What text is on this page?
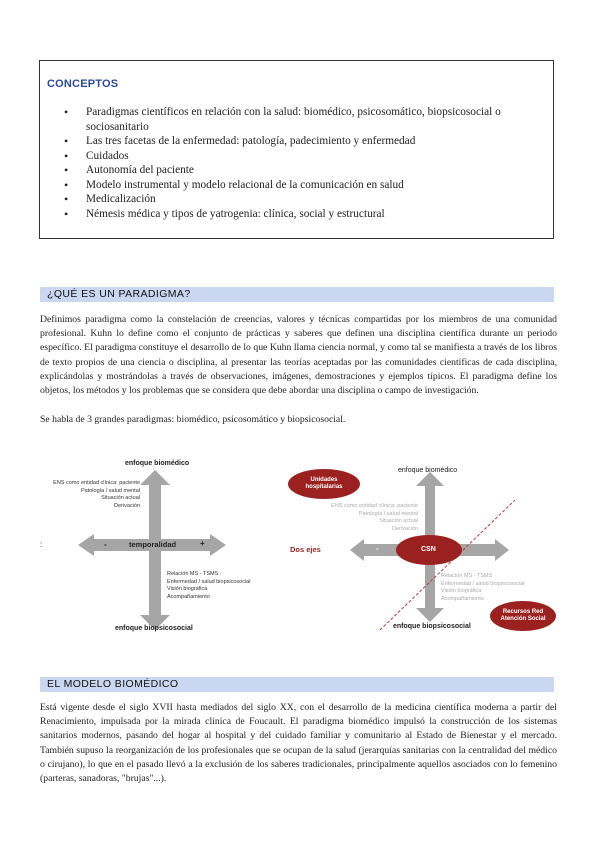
CONCEPTOS
• Paradigmas científicos en relación con la salud: biomédico, psicosomático, biopsicosocial o sociosanitario
• Las tres facetas de la enfermedad: patología, padecimiento y enfermedad
• Cuidados
• Autonomía del paciente
• Modelo instrumental y modelo relacional de la comunicación en salud
• Medicalización
• Némesis médica y tipos de yatrogenia: clínica, social y estructural
¿QUÉ ES UN PARADIGMA?

Definimos paradigma como la constelación de creencias, valores y técnicas compartidas por los miembros de una comunidad profesional. Kuhn lo define como el conjunto de prácticas y saberes que definen una disciplina científica durante un periodo específico. El paradigma constituye el desarrollo de lo que Kuhn llama ciencia normal, y como tal se manifiesta a través de los libros de texto propios de una ciencia o disciplina, al presentar las teorías aceptadas por las comunidades científicas de cada disciplina, explicándolas y mostrándolas a través de observaciones, imágenes, demostraciones y ejemplos típicos. El paradigma define los objetos, los métodos y los problemas que se considera que debe abordar una disciplina o campo de investigación.

Se habla de 3 grandes paradigmas: biomédico, psicosomático y biopsicosocial.

enfoque biomédico
enfoque biopsicosocial
temporalidad
-	+
:
ENS como entidad clínica: paciente
Patología / salud mental
Situación actual
Derivación
Relación MS - TSMS
Enfermedad / salud biopsicosocial
Visión biográfica
Acompañamiento
enfoque biomédico
enfoque biopsicosocial
CSN
-
Dos ejes
Unidades hospitalarias
Recursos Red Atención Social
ENS como entidad clínica: paciente
Patología / salud mental
Situación actual
Derivación
Relación MS - TSMS
Enfermedad / salud biopsicosocial
Visión biográfica
Acompañamiento
EL MODELO BIOMÉDICO

Está vigente desde el siglo XVII hasta mediados del siglo XX, con el desarrollo de la medicina científica moderna a partir del Renacimiento, impulsada por la mirada clínica de Foucault. El paradigma biomédico impulsó la construcción de los sistemas sanitarios modernos, pasando del hogar al hospital y del cuidado familiar y comunitario al Estado de Bienestar y el mercado. También supuso la reorganización de los profesionales que se ocupan de la salud (jerarquías sanitarias con la centralidad del médico o cirujano), lo que en el pasado llevó a la exclusión de los saberes tradicionales, principalmente aquellos asociados con lo femenino (parteras, sanadoras, "brujas"...).
